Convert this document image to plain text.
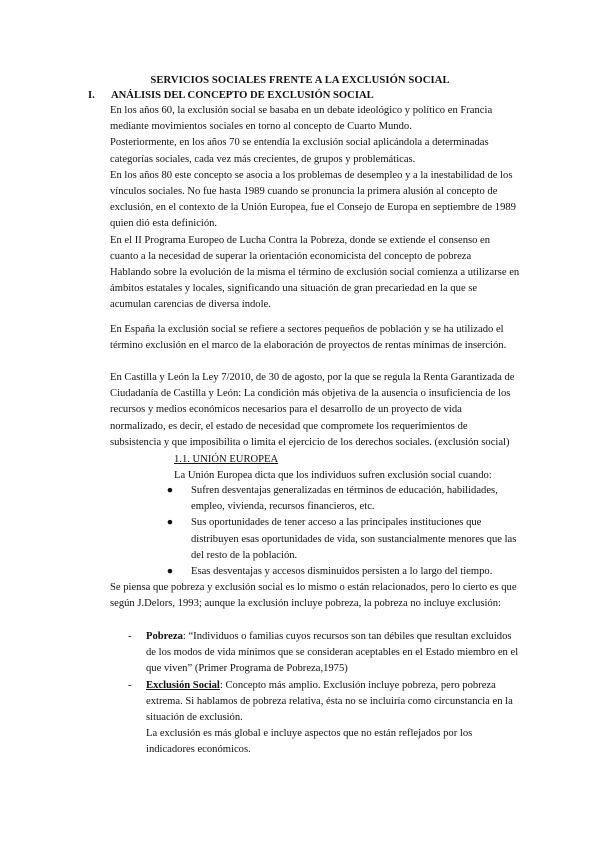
SERVICIOS SOCIALES FRENTE A LA EXCLUSIÓN SOCIAL
I. ANÁLISIS DEL CONCEPTO DE EXCLUSIÓN SOCIAL

En los años 60, la exclusión social se basaba en un debate ideológico y político en Francia mediante movimientos sociales en torno al concepto de Cuarto Mundo.

Posteriormente, en los años 70 se entendía la exclusión social aplicándola a determinadas categorías sociales, cada vez más crecientes, de grupos y problemáticas.

En los años 80 este concepto se asocia a los problemas de desempleo y a la inestabilidad de los vínculos sociales. No fue hasta 1989 cuando se pronuncia la primera alusión al concepto de exclusión, en el contexto de la Unión Europea, fue el Consejo de Europa en septiembre de 1989 quien dió esta definición.

En el II Programa Europeo de Lucha Contra la Pobreza, donde se extiende el consenso en cuanto a la necesidad de superar la orientación economicista del concepto de pobreza

Hablando sobre la evolución de la misma el término de exclusión social comienza a utilizarse en ámbitos estatales y locales, significando una situación de gran precariedad en la que se acumulan carencias de diversa índole.

En España la exclusión social se refiere a sectores pequeños de población y se ha utilizado el término exclusión en el marco de la elaboración de proyectos de rentas mínimas de inserción.

En Castilla y León la Ley 7/2010, de 30 de agosto, por la que se regula la Renta Garantizada de Ciudadanía de Castilla y León: La condición más objetiva de la ausencia o insuficiencia de los recursos y medios económicos necesarios para el desarrollo de un proyecto de vida normalizado, es decir, el estado de necesidad que compromete los requerimientos de subsistencia y que imposibilita o limita el ejercicio de los derechos sociales. (exclusión social)

1.1. UNIÓN EUROPEA

La Unión Europea dicta que los individuos sufren exclusión social cuando:

● Sufren desventajas generalizadas en términos de educación, habilidades, empleo, vivienda, recursos financieros, etc.
● Sus oportunidades de tener acceso a las principales instituciones que distribuyen esas oportunidades de vida, son sustancialmente menores que las del resto de la población.
● Esas desventajas y accesos disminuidos persisten a lo largo del tiempo.

Se piensa que pobreza y exclusión social es lo mismo o están relacionados, pero lo cierto es que según J.Delors, 1993; aunque la exclusión incluye pobreza, la pobreza no incluye exclusión:

- Pobreza: “Individuos o familias cuyos recursos son tan débiles que resultan excluidos de los modos de vida mínimos que se consideran aceptables en el Estado miembro en el que viven” (Primer Programa de Pobreza,1975)
- Exclusión Social: Concepto más amplio. Exclusión incluye pobreza, pero pobreza extrema. Si hablamos de pobreza relativa, ésta no se incluiría como circunstancia en la situación de exclusión.
La exclusión es más global e incluye aspectos que no están reflejados por los indicadores económicos.
